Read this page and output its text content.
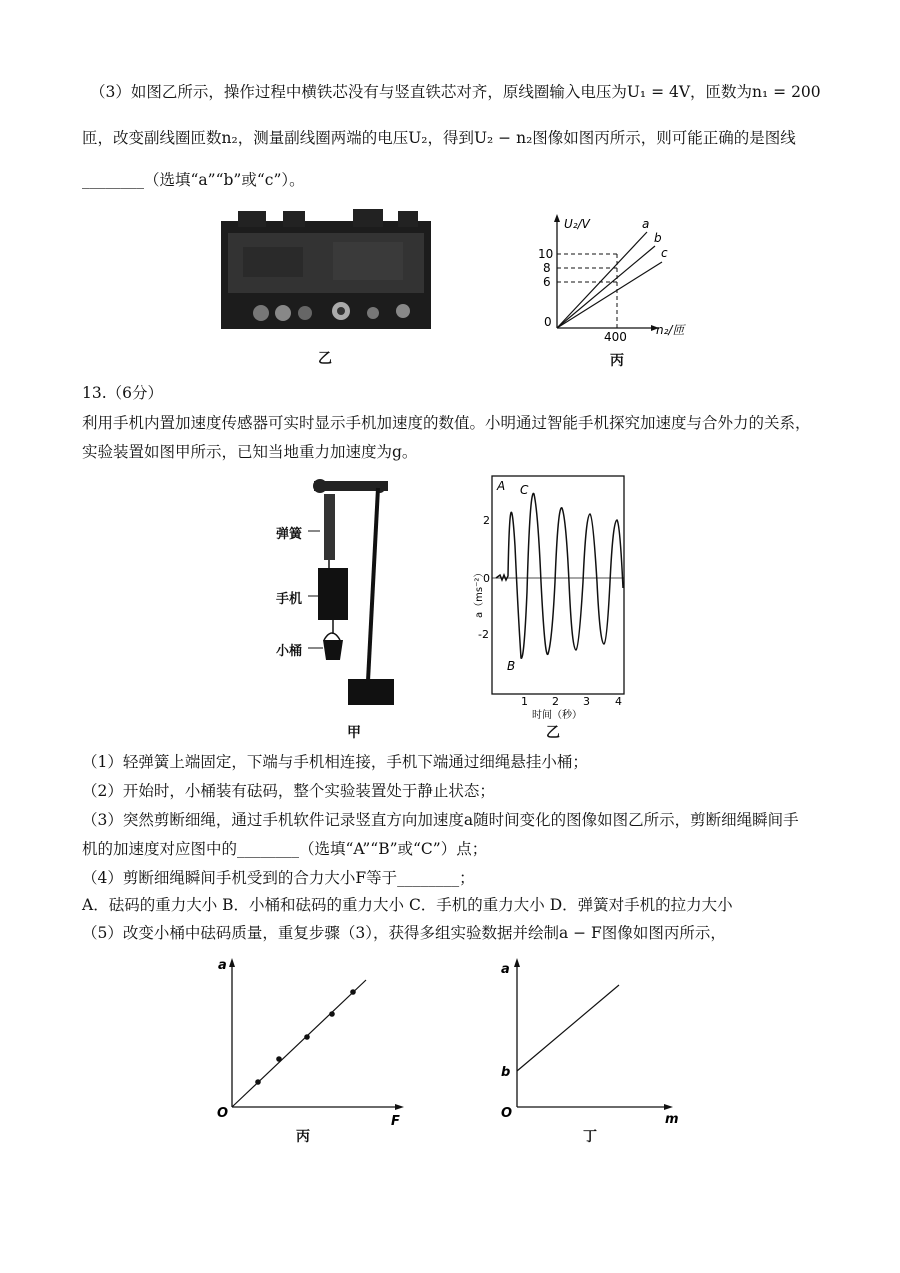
（3）如图乙所示，操作过程中横铁芯没有与竖直铁芯对齐，原线圈输入电压为U₁ = 4V，匝数为n₁ = 200
匝，改变副线圈匝数n₂，测量副线圈两端的电压U₂，得到U₂ − n₂图像如图丙所示，则可能正确的是图线
________（选填“a”“b”或“c”）。
乙
U₂/V
n₂/匝
0
400
10
8
6
a
b
c
丙
13.（6分）
利用手机内置加速度传感器可实时显示手机加速度的数值。小明通过智能手机探究加速度与合外力的关系，
实验装置如图甲所示，已知当地重力加速度为g。
弹簧
手机
小桶
甲
A
B
C
2
0
-2
a（ms⁻²）
1 2 3 4
时间（秒）
乙
（1）轻弹簧上端固定，下端与手机相连接，手机下端通过细绳悬挂小桶；
（2）开始时，小桶装有砝码，整个实验装置处于静止状态；
（3）突然剪断细绳，通过手机软件记录竖直方向加速度a随时间变化的图像如图乙所示，剪断细绳瞬间手
机的加速度对应图中的________（选填“A”“B”或“C”）点；
（4）剪断细绳瞬间手机受到的合力大小F等于________；
A．砝码的重力大小 B．小桶和砝码的重力大小 C．手机的重力大小 D．弹簧对手机的拉力大小
（5）改变小桶中砝码质量，重复步骤（3），获得多组实验数据并绘制a − F图像如图丙所示，
a
F
O
丙
a
m
O
b
丁
